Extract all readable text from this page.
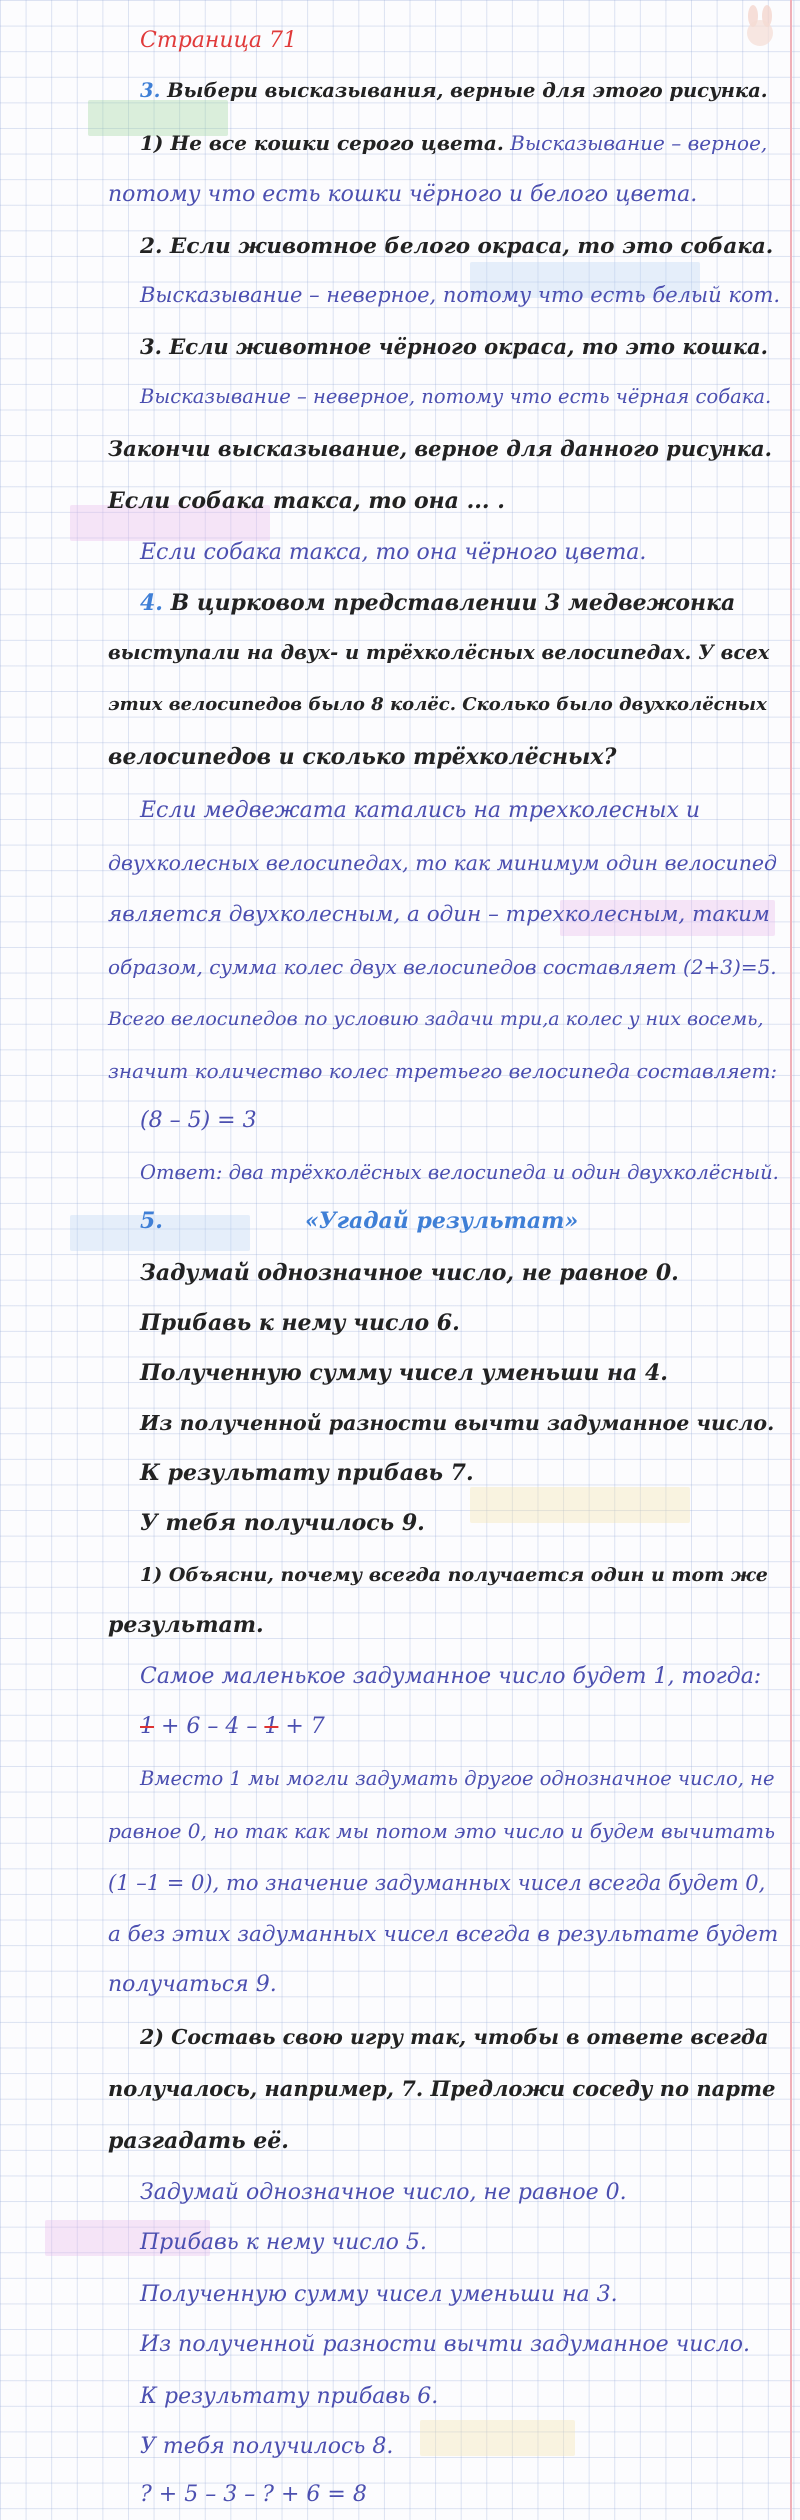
Страница 71
3. Выбери высказывания, верные для этого рисунка.
1) Не все кошки серого цвета. Высказывание – верное,
потому что есть кошки чёрного и белого цвета.
2. Если животное белого окраса, то это собака.
Высказывание – неверное, потому что есть белый кот.
3. Если животное чёрного окраса, то это кошка.
Высказывание – неверное, потому что есть чёрная собака.
Закончи высказывание, верное для данного рисунка.
Если собака такса, то она ... .
Если собака такса, то она чёрного цвета.
4. В цирковом представлении 3 медвежонка
выступали на двух- и трёхколёсных велосипедах. У всех
этих велосипедов было 8 колёс. Сколько было двухколёсных
велосипедов и сколько трёхколёсных?
Если медвежата катались на трехколесных и
двухколесных велосипедах, то как минимум один велосипед
является двухколесным, а один – трехколесным, таким
образом, сумма колес двух велосипедов составляет (2+3)=5.
Всего велосипедов по условию задачи три,а колес у них восемь,
значит количество колес третьего велосипеда составляет:
(8 – 5) = 3
Ответ: два трёхколёсных велосипеда и один двухколёсный.
5.	«Угадай результат»
Задумай однозначное число, не равное 0.
Прибавь к нему число 6.
Полученную сумму чисел уменьши на 4.
Из полученной разности вычти задуманное число.
К результату прибавь 7.
У тебя получилось 9.
1) Объясни, почему всегда получается один и тот же
результат.
Самое маленькое задуманное число будет 1, тогда:
1 + 6 – 4 – 1 + 7
Вместо 1 мы могли задумать другое однозначное число, не
равное 0, но так как мы потом это число и будем вычитать
(1 –1 = 0), то значение задуманных чисел всегда будет 0,
а без этих задуманных чисел всегда в результате будет
получаться 9.
2) Составь свою игру так, чтобы в ответе всегда
получалось, например, 7. Предложи соседу по парте
разгадать её.
Задумай однозначное число, не равное 0.
Прибавь к нему число 5.
Полученную сумму чисел уменьши на 3.
Из полученной разности вычти задуманное число.
К результату прибавь 6.
У тебя получилось 8.
? + 5 – 3 – ? + 6 = 8
